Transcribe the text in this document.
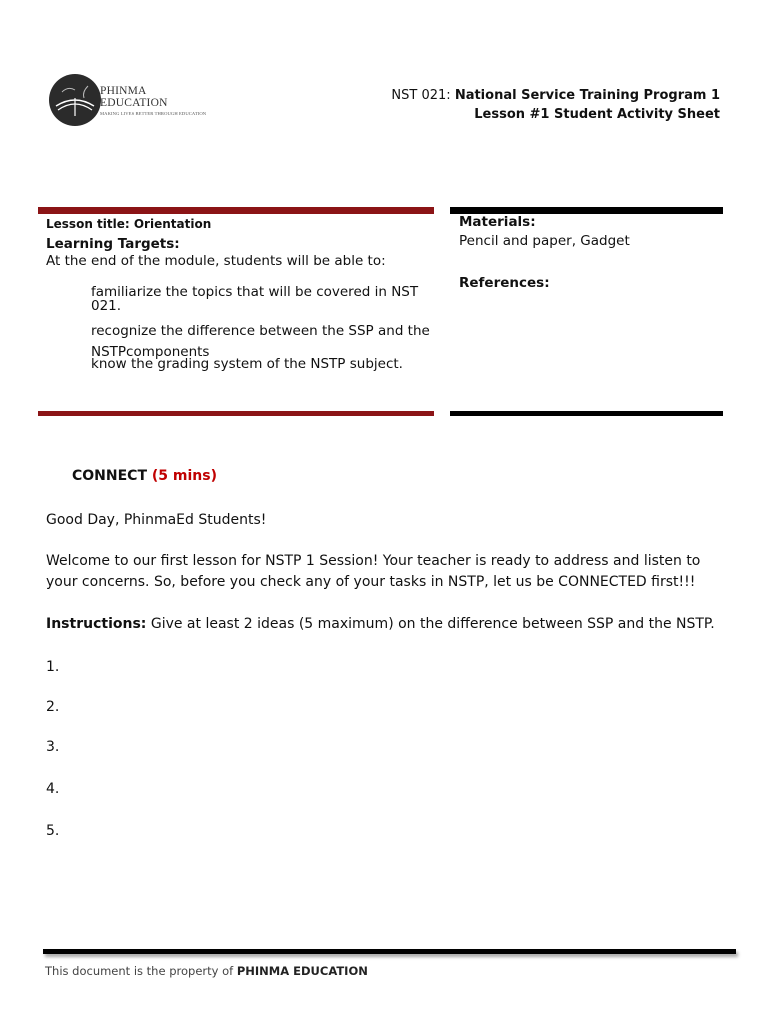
PHINMA EDUCATION
MAKING LIVES BETTER THROUGH EDUCATION
NST 021: National Service Training Program 1
Lesson #1 Student Activity Sheet
Lesson title: Orientation
Learning Targets:
At the end of the module, students will be able to:
familiarize the topics that will be covered in NST 021.
recognize the difference between the SSP and the NSTPcomponents
know the grading system of the NSTP subject.
Materials:
Pencil and paper, Gadget
References:
CONNECT (5 mins)
Good Day, PhinmaEd Students!
Welcome to our first lesson for NSTP 1 Session! Your teacher is ready to address and listen to your concerns. So, before you check any of your tasks in NSTP, let us be CONNECTED first!!!
Instructions: Give at least 2 ideas (5 maximum) on the difference between SSP and the NSTP.
1.
2.
3.
4.
5.
This document is the property of PHINMA EDUCATION
